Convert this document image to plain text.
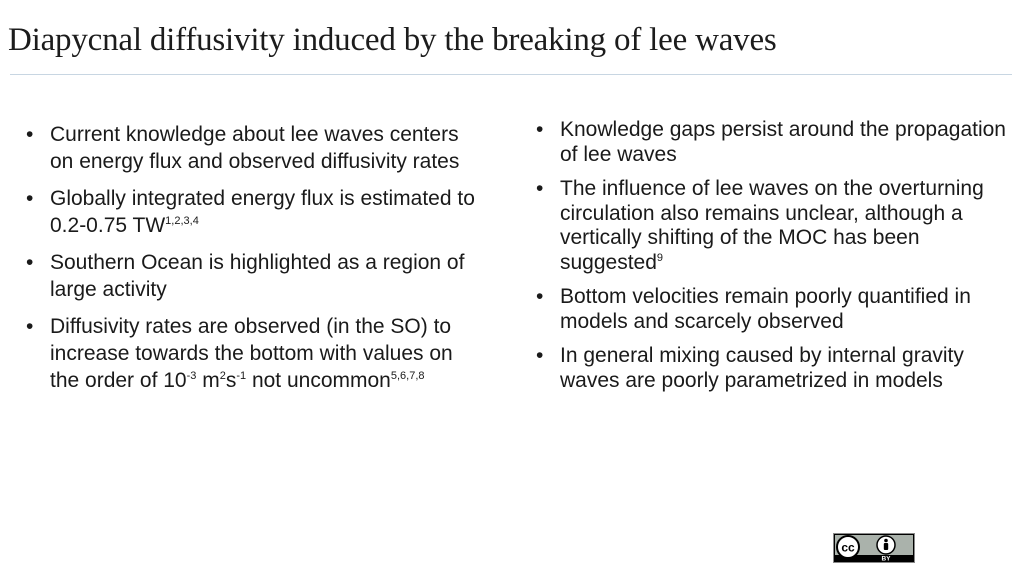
Diapycnal diffusivity induced by the breaking of lee waves
• Current knowledge about lee waves centers on energy flux and observed diffusivity rates
• Globally integrated energy flux is estimated to 0.2-0.75 TW$^{1,2,3,4}$
• Southern Ocean is highlighted as a region of large activity
• Diffusivity rates are observed (in the SO) to increase towards the bottom with values on the order of $10^{-3}$ $m^2s^{-1}$ not uncommon$^{5,6,7,8}$
• Knowledge gaps persist around the propagation of lee waves
• The influence of lee waves on the overturning circulation also remains unclear, although a vertically shifting of the MOC has been suggested$^9$
• Bottom velocities remain poorly quantified in models and scarcely observed
• In general mixing caused by internal gravity waves are poorly parametrized in models
cc
BY
